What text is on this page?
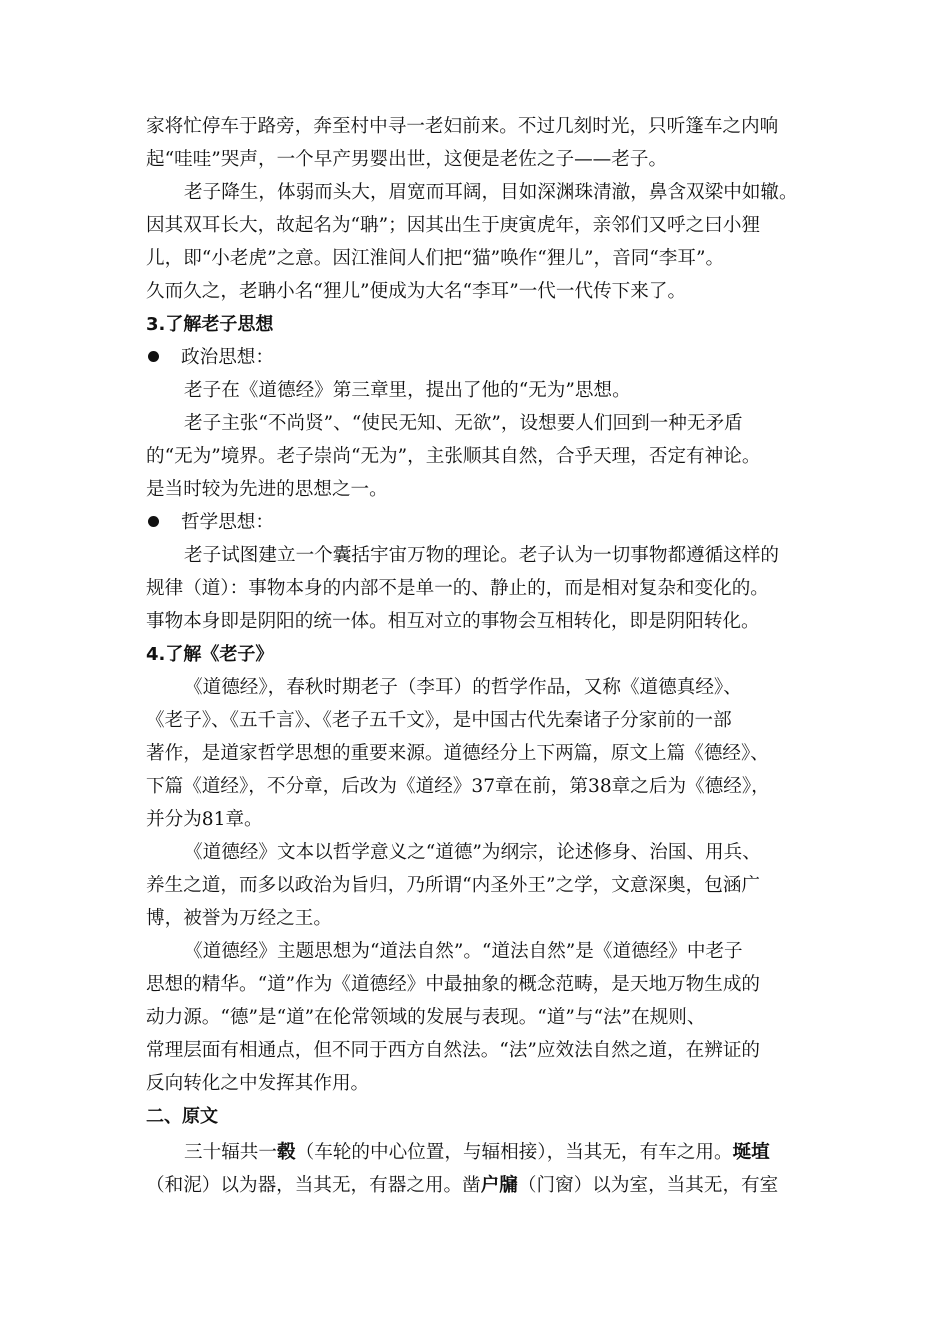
家将忙停车于路旁，奔至村中寻一老妇前来。不过几刻时光，只听篷车之内响
起“哇哇”哭声，一个早产男婴出世，这便是老佐之子——老子。
老子降生，体弱而头大，眉宽而耳阔，目如深渊珠清澈，鼻含双梁中如辙。
因其双耳长大，故起名为“聃”；因其出生于庚寅虎年，亲邻们又呼之曰小狸
儿，即“小老虎”之意。因江淮间人们把“猫”唤作“狸儿”，音同“李耳”。
久而久之，老聃小名“狸儿”便成为大名“李耳”一代一代传下来了。
3.了解老子思想
政治思想：
老子在《道德经》第三章里，提出了他的“无为”思想。
老子主张“不尚贤”、“使民无知、无欲”，设想要人们回到一种无矛盾
的“无为”境界。老子崇尚“无为”，主张顺其自然，合乎天理，否定有神论。
是当时较为先进的思想之一。
哲学思想：
老子试图建立一个囊括宇宙万物的理论。老子认为一切事物都遵循这样的
规律（道）：事物本身的内部不是单一的、静止的，而是相对复杂和变化的。
事物本身即是阴阳的统一体。相互对立的事物会互相转化，即是阴阳转化。
4.了解《老子》
《道德经》，春秋时期老子（李耳）的哲学作品，又称《道德真经》、
《老子》、《五千言》、《老子五千文》，是中国古代先秦诸子分家前的一部
著作，是道家哲学思想的重要来源。道德经分上下两篇，原文上篇《德经》、
下篇《道经》，不分章，后改为《道经》37章在前，第38章之后为《德经》，
并分为81章。
《道德经》文本以哲学意义之“道德”为纲宗，论述修身、治国、用兵、
养生之道，而多以政治为旨归，乃所谓“内圣外王”之学，文意深奥，包涵广
博，被誉为万经之王。
《道德经》主题思想为“道法自然”。“道法自然”是《道德经》中老子
思想的精华。“道”作为《道德经》中最抽象的概念范畴，是天地万物生成的
动力源。“德”是“道”在伦常领域的发展与表现。“道”与“法”在规则、
常理层面有相通点，但不同于西方自然法。“法”应效法自然之道，在辨证的
反向转化之中发挥其作用。
二、原文
三十辐共一毂（车轮的中心位置，与辐相接），当其无，有车之用。埏埴
（和泥）以为器，当其无，有器之用。凿户牖（门窗）以为室，当其无，有室
